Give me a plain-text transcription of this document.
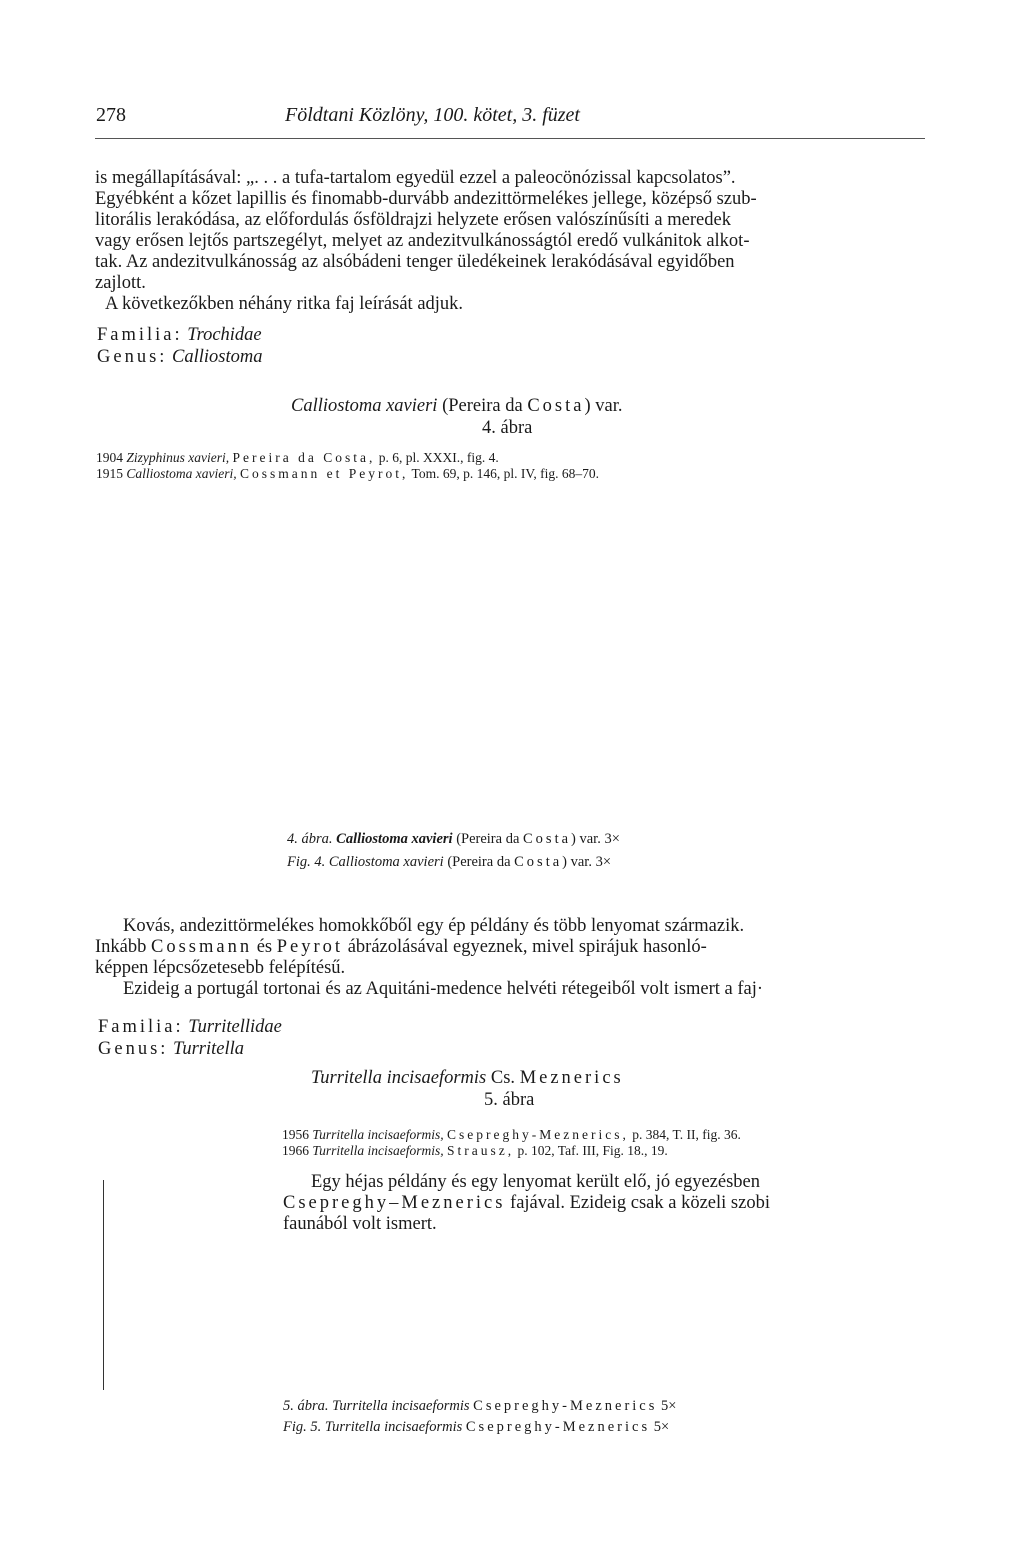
278	Földtani Közlöny, 100. kötet, 3. füzet
is megállapításával: „. . . a tufa-tartalom egyedül ezzel a paleocönózissal kapcsolatos”.
Egyébként a kőzet lapillis és finomabb-durvább andezittörmelékes jellege, középső szub-
litorális lerakódása, az előfordulás ősföldrajzi helyzete erősen valószínűsíti a meredek
vagy erősen lejtős partszegélyt, melyet az andezitvulkánosságtól eredő vulkánitok alkot-
tak. Az andezitvulkánosság az alsóbádeni tenger üledékeinek lerakódásával egyidőben
zajlott.
A következőkben néhány ritka faj leírását adjuk.
Familia: Trochidae
Genus: Calliostoma
Calliostoma xavieri (Pereira da Costa) var.
4. ábra
1904 Zizyphinus xavieri, Pereira da Costa, p. 6, pl. XXXI., fig. 4.
1915 Calliostoma xavieri, Cossmann et Peyrot, Tom. 69, p. 146, pl. IV, fig. 68–70.
4. ábra. Calliostoma xavieri (Pereira da Costa) var. 3×
Fig. 4. Calliostoma xavieri (Pereira da Costa) var. 3×
Kovás, andezittörmelékes homokkőből egy ép példány és több lenyomat származik.
Inkább Cossmann és Peyrot ábrázolásával egyeznek, mivel spirájuk hasonló-
képpen lépcsőzetesebb felépítésű.
Ezideig a portugál tortonai és az Aquitáni-medence helvéti rétegeiből volt ismert a faj·
Familia: Turritellidae
Genus: Turritella
Turritella incisaeformis Cs. Meznerics
5. ábra
1956 Turritella incisaeformis, Csepreghy-Meznerics, p. 384, T. II, fig. 36.
1966 Turritella incisaeformis, Strausz, p. 102, Taf. III, Fig. 18., 19.
Egy héjas példány és egy lenyomat került elő, jó egyezésben
Csepreghy–Meznerics fajával. Ezideig csak a közeli szobi
faunából volt ismert.
5. ábra. Turritella incisaeformis Csepreghy-Meznerics 5×
Fig. 5. Turritella incisaeformis Csepreghy-Meznerics 5×
